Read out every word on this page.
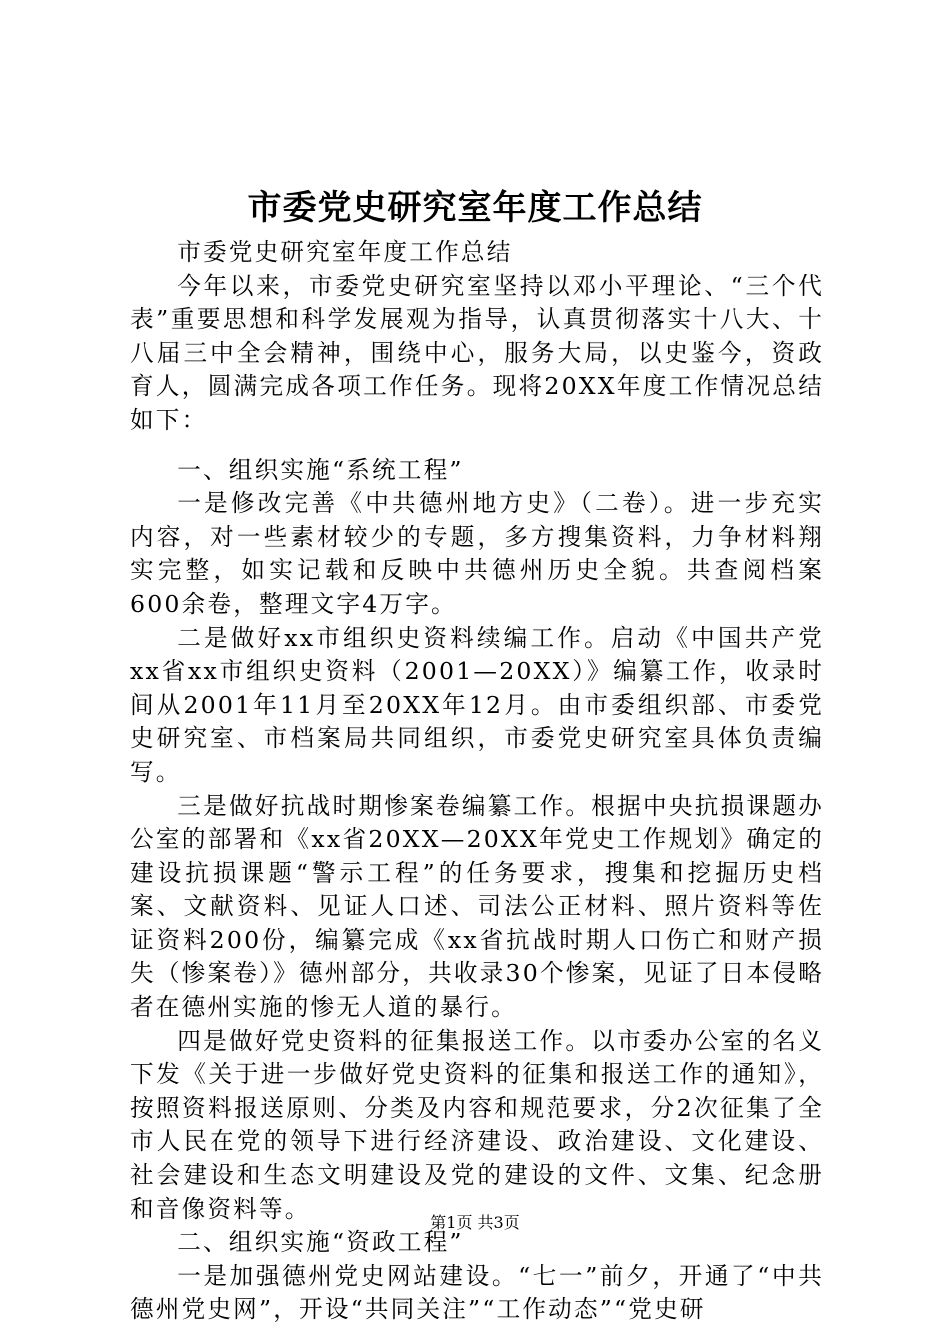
市委党史研究室年度工作总结

市委党史研究室年度工作总结

今年以来，市委党史研究室坚持以邓小平理论、“三个代表”重要思想和科学发展观为指导，认真贯彻落实十八大、十八届三中全会精神，围绕中心，服务大局，以史鉴今，资政育人，圆满完成各项工作任务。现将20XX年度工作情况总结如下：

一、组织实施“系统工程”

一是修改完善《中共德州地方史》（二卷）。进一步充实内容，对一些素材较少的专题，多方搜集资料，力争材料翔实完整，如实记载和反映中共德州历史全貌。共查阅档案600余卷，整理文字4万字。

二是做好xx市组织史资料续编工作。启动《中国共产党xx省xx市组织史资料（2001—20XX）》编纂工作，收录时间从2001年11月至20XX年12月。由市委组织部、市委党史研究室、市档案局共同组织，市委党史研究室具体负责编写。

三是做好抗战时期惨案卷编纂工作。根据中央抗损课题办公室的部署和《xx省20XX—20XX年党史工作规划》确定的建设抗损课题“警示工程”的任务要求，搜集和挖掘历史档案、文献资料、见证人口述、司法公正材料、照片资料等佐证资料200份，编纂完成《xx省抗战时期人口伤亡和财产损失（惨案卷）》德州部分，共收录30个惨案，见证了日本侵略者在德州实施的惨无人道的暴行。

四是做好党史资料的征集报送工作。以市委办公室的名义下发《关于进一步做好党史资料的征集和报送工作的通知》，按照资料报送原则、分类及内容和规范要求，分2次征集了全市人民在党的领导下进行经济建设、政治建设、文化建设、社会建设和生态文明建设及党的建设的文件、文集、纪念册和音像资料等。

二、组织实施“资政工程”

一是加强德州党史网站建设。“七一”前夕，开通了“中共德州党史网”，开设“共同关注”“工作动态”“党史研

第1页 共3页
